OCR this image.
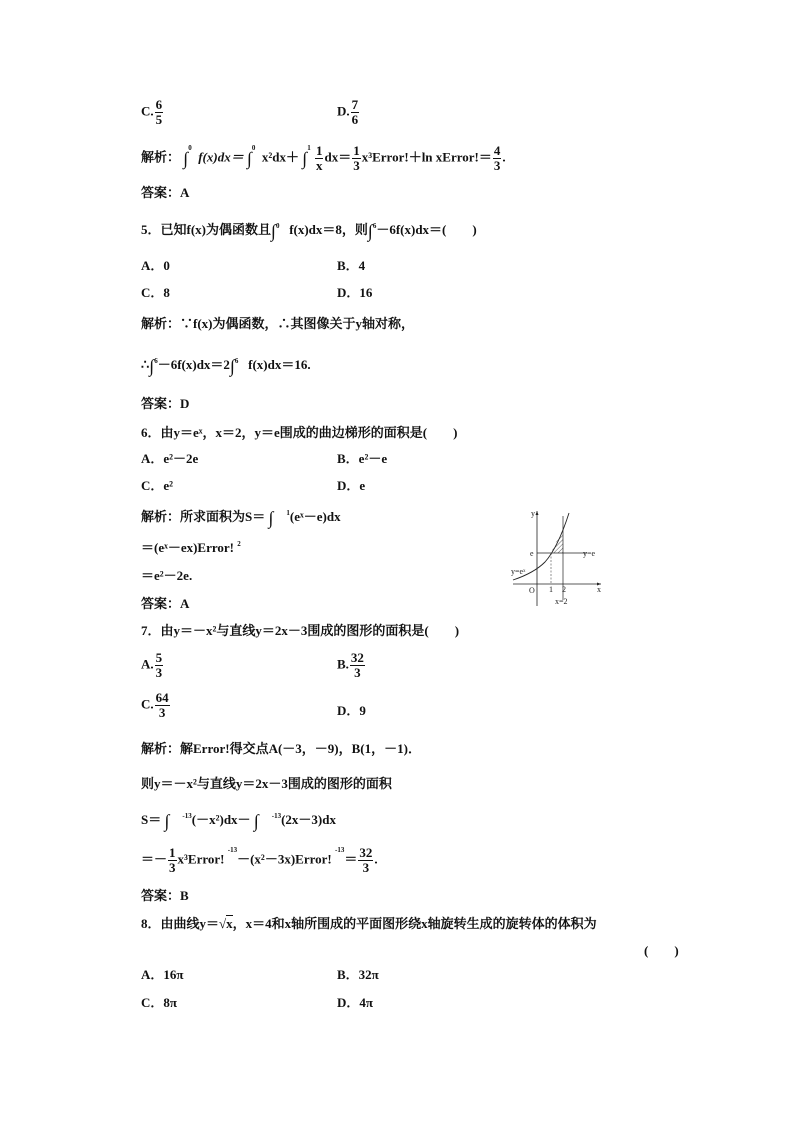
C. $\frac{6}{5}$	D. $\frac{7}{6}$
解析： ∫$^0$  f(x)dx＝ ∫$^0$  $x^2dx+ \int^1 \frac{1}{x} dx= \frac{1}{3}$ x³Error!＋ln xError!＝ $\frac{4}{3}$ .
答案：A
5．已知f(x)为偶函数且∫$^0$ f(x)dx＝8，则∫$^6$－6f(x)dx＝(　　)
A．0	B．4
C．8	D．16
解析：∵f(x)为偶函数，∴其图像关于y轴对称，
∴∫$^6$－6f(x)dx＝2∫$^6$ f(x)dx＝16.
答案：D
6．由y＝eˣ，x＝2，y＝e围成的曲边梯形的面积是(　　)
A．e²－2e	B．e²－e
C．e²	D．e
解析：所求面积为S＝ ∫ $^1$(eˣ－e)dx
＝(eˣ－ex)Error! $^2$
＝e²－2e.
答案：A
y
x
O 1 2
e	y=e
y=eˣ
x=2
7．由y＝－x²与直线y＝2x－3围成的图形的面积是(　　)
A. $\frac{5}{3}$	B. $\frac{32}{3}$
C. $\frac{64}{3}$	D．9
解析：解Error!得交点A(－3，－9)，B(1，－1)．
则y＝－x²与直线y＝2x－3围成的图形的面积
S＝ ∫ $^{-13}$(－x²)dx－ ∫ $^{-13}$(2x－3)dx
＝－ $\frac{1}{3}$ x³Error! $^{-13}$－(x²－3x)Error! $^{-13}= \frac{32}{3}$ .
答案：B
8．由曲线y＝√x，x＝4和x轴所围成的平面图形绕x轴旋转生成的旋转体的体积为
(　　)
A．16π	B．32π
C．8π	D．4π
